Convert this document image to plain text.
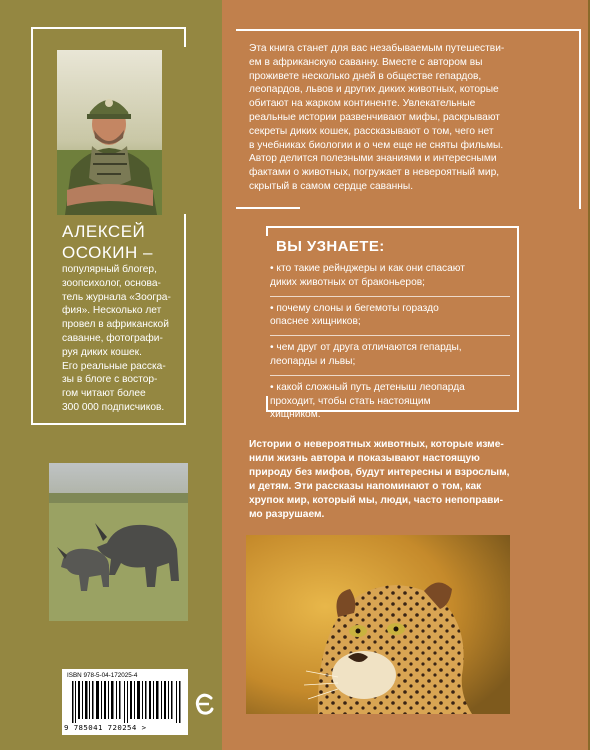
АЛЕКСЕЙ
ОСОКИН –
популярный блогер,
зоопсихолог, основа-
тель журнала «Зоогра-
фия». Несколько лет
провел в африканской
саванне, фотографи-
руя диких кошек.
Его реальные расска-
зы в блоге с востор-
гом читают более
300 000 подписчиков.
ISBN 978-5-04-172025-4
9 785041 720254 >
Эта книга станет для вас незабываемым путешестви-
ем в африканскую саванну. Вместе с автором вы
проживете несколько дней в обществе гепардов,
леопардов, львов и других диких животных, которые
обитают на жарком континенте. Увлекательные
реальные истории развенчивают мифы, раскрывают
секреты диких кошек, рассказывают о том, чего нет
в учебниках биологии и о чем еще не сняты фильмы.
Автор делится полезными знаниями и интересными
фактами о животных, погружает в невероятный мир,
скрытый в самом сердце саванны.
ВЫ УЗНАЕТЕ:
• кто такие рейнджеры и как они спасают
диких животных от браконьеров;
• почему слоны и бегемоты гораздо
опаснее хищников;
• чем друг от друга отличаются гепарды,
леопарды и львы;
• какой сложный путь детеныш леопарда
проходит, чтобы стать настоящим
хищником.
Истории о невероятных животных, которые изме-
нили жизнь автора и показывают настоящую
природу без мифов, будут интересны и взрослым,
и детям. Эти рассказы напоминают о том, как
хрупок мир, который мы, люди, часто непоправи-
мо разрушаем.
